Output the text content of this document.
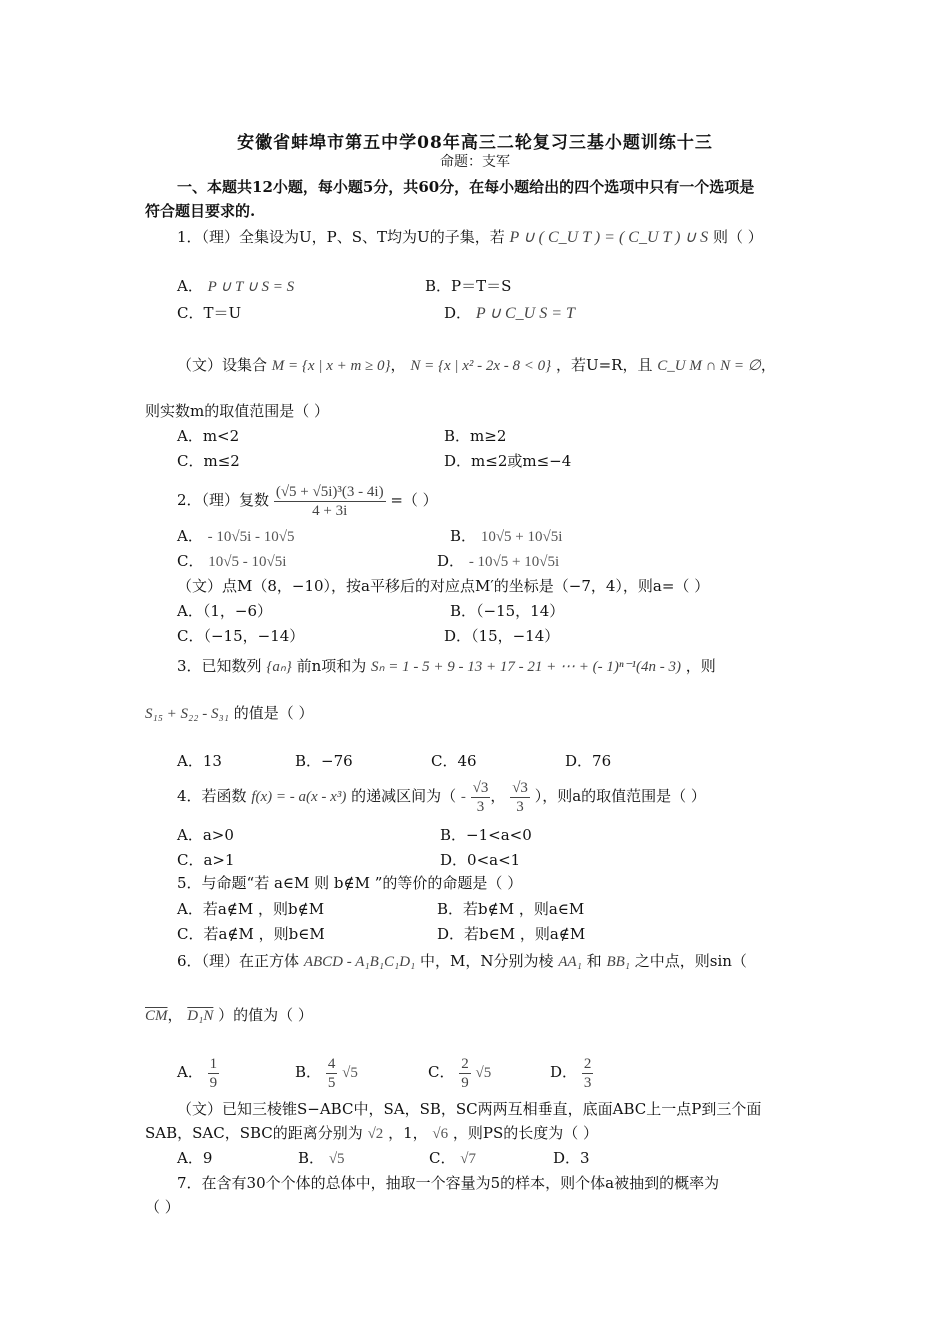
安徽省蚌埠市第五中学08年高三二轮复习三基小题训练十三
命题：支军
一、本题共12小题，每小题5分，共60分，在每小题给出的四个选项中只有一个选项是
符合题目要求的.
1．（理）全集设为U，P、S、T均为U的子集，若 P ∪ ( C_U T ) = ( C_U T ) ∪ S 则（ ）
A． P ∪ T ∪ S = S	B．P＝T＝S
C．T＝U	D． P ∪ C_U S = T
（文）设集合 M = {x | x + m ≥ 0}， N = {x | x² - 2x - 8 < 0} ，若U=R，且 C_U M ∩ N = ∅，
则实数m的取值范围是（ ）
A．m<2	B．m≥2
C．m≤2	D．m≤2或m≤−4
2．（理）复数 $\frac{\text{(√5 + √5i)³(3 - 4i)}}{4 + 3i}$ =（ ）
A． - 10√5i - 10√5	B． 10√5 + 10√5i
C． 10√5 - 10√5i	D． - 10√5 + 10√5i
（文）点M（8，−10），按a平移后的对应点M′的坐标是（−7，4），则a=（ ）
A．（1，−6）	B．（−15，14）
C．（−15，−14）	D．（15，−14）
3．已知数列 {aₙ} 前n项和为 Sₙ = 1 - 5 + 9 - 13 + 17 - 21 + ⋯ + (- 1)ⁿ⁻¹(4n - 3) ，则
S₁₅ + S₂₂ - S₃₁ 的值是（ ）
A．13	B．−76	C．46	D．76
4．若函数 f(x) = - a(x - x³) 的递减区间为（ - $\frac{√3}{3}$ ， $\frac{√3}{3}$ ），则a的取值范围是（ ）
A．a>0	B．−1<a<0
C．a>1	D．0<a<1
5．与命题“若 a∈M 则 b∉M ”的等价的命题是（ ）
A．若a∉M ，则b∉M	B．若b∉M ，则a∈M
C．若a∉M ，则b∈M	D．若b∈M ，则a∉M
6．（理）在正方体 ABCD - A₁B₁C₁D₁ 中，M，N分别为棱 AA₁ 和 BB₁ 之中点，则sin（
$\overline{CM}$， D₁N ）的值为（ ）
A． $\frac{1}{9}$	B． $\frac{4}{5} √5$	C． $\frac{2}{9} √5$	D． $\frac{2}{3}$
（文）已知三棱锥S−ABC中，SA，SB，SC两两互相垂直，底面ABC上一点P到三个面
SAB，SAC，SBC的距离分别为 √2 ，1， √6 ，则PS的长度为（ ）
A．9	B． √5	C． √7	D．3
7．在含有30个个体的总体中，抽取一个容量为5的样本，则个体a被抽到的概率为
（ ）
